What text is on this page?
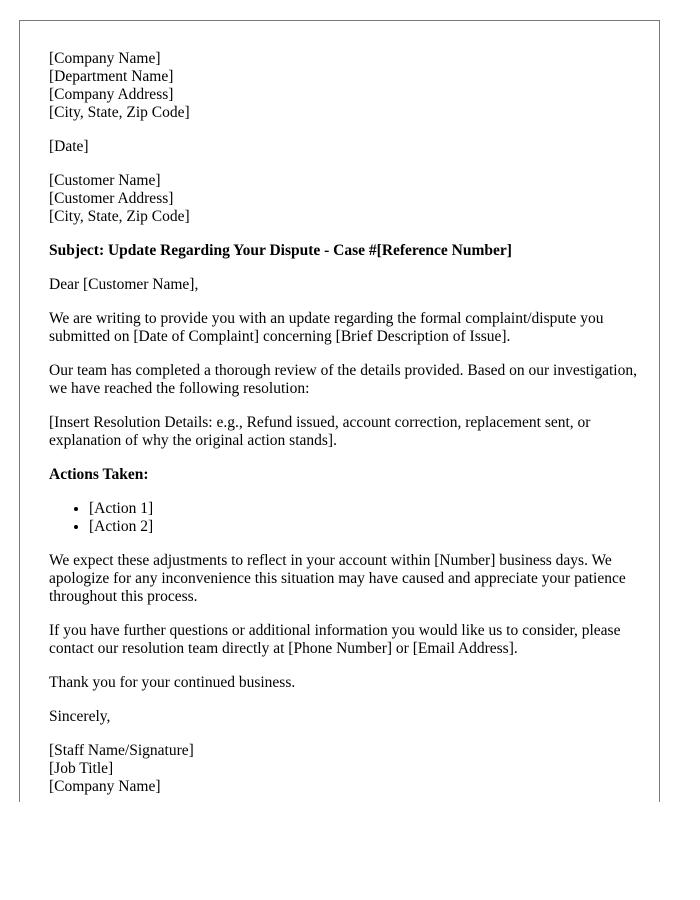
[Company Name]
[Department Name]
[Company Address]
[City, State, Zip Code]
[Date]
[Customer Name]
[Customer Address]
[City, State, Zip Code]
Subject: Update Regarding Your Dispute - Case #[Reference Number]

Dear [Customer Name],

We are writing to provide you with an update regarding the formal complaint/dispute you submitted on [Date of Complaint] concerning [Brief Description of Issue].

Our team has completed a thorough review of the details provided. Based on our investigation, we have reached the following resolution:

[Insert Resolution Details: e.g., Refund issued, account correction, replacement sent, or explanation of why the original action stands].

Actions Taken:
• [Action 1]
• [Action 2]

We expect these adjustments to reflect in your account within [Number] business days. We apologize for any inconvenience this situation may have caused and appreciate your patience throughout this process.

If you have further questions or additional information you would like us to consider, please contact our resolution team directly at [Phone Number] or [Email Address].

Thank you for your continued business.

Sincerely,

[Staff Name/Signature]
[Job Title]
[Company Name]
